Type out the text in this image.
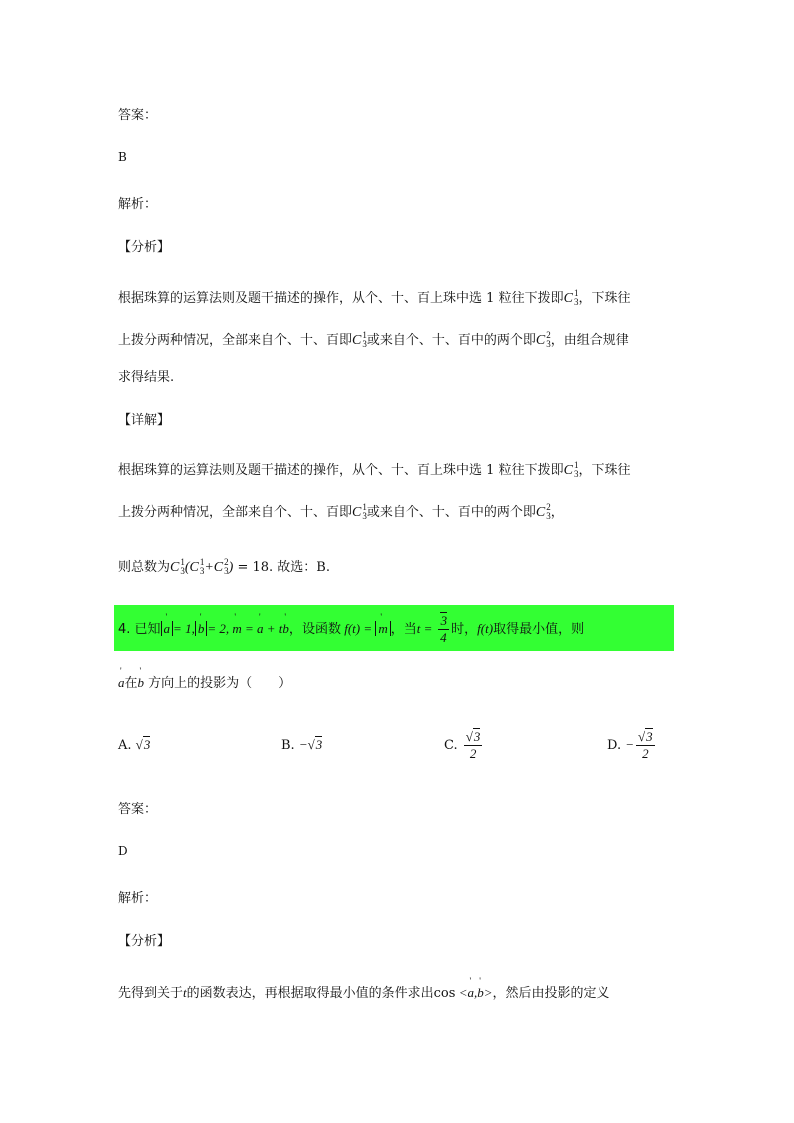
答案：
B
解析：
【分析】
根据珠算的运算法则及题干描述的操作，从个、十、百上珠中选 1 粒往下拨即C 1
3 ，下珠往
上拨分两种情况，全部来自个、十、百即C 1
3 或来自个、十、百中的两个即C 2
3 ，由组合规律
求得结果.
【详解】
根据珠算的运算法则及题干描述的操作，从个、十、百上珠中选 1 粒往下拨即C 1
3 ，下珠往
上拨分两种情况，全部来自个、十、百即C 1
3 或来自个、十、百中的两个即C 2
3 ，
则总数为C 1
3 (C 1
3 +C 2
3 ) = 18. 故选：B.
4. 已知 ' a = 1, ' b = 2, ' m = ' a + t' b，设函数 f(t) = ' m ，当$t = \frac{3}{4}$ 时，f(t)取得最小值，则
' a在' b 方向上的投影为（　　）
A. √3	B. −√3	C. $\frac{√3}{2}$	D. − $\frac{√3}{2}$
答案：
D
解析：
【分析】
先得到关于t的函数表达，再根据取得最小值的条件求出cos <' a,' b>，然后由投影的定义
